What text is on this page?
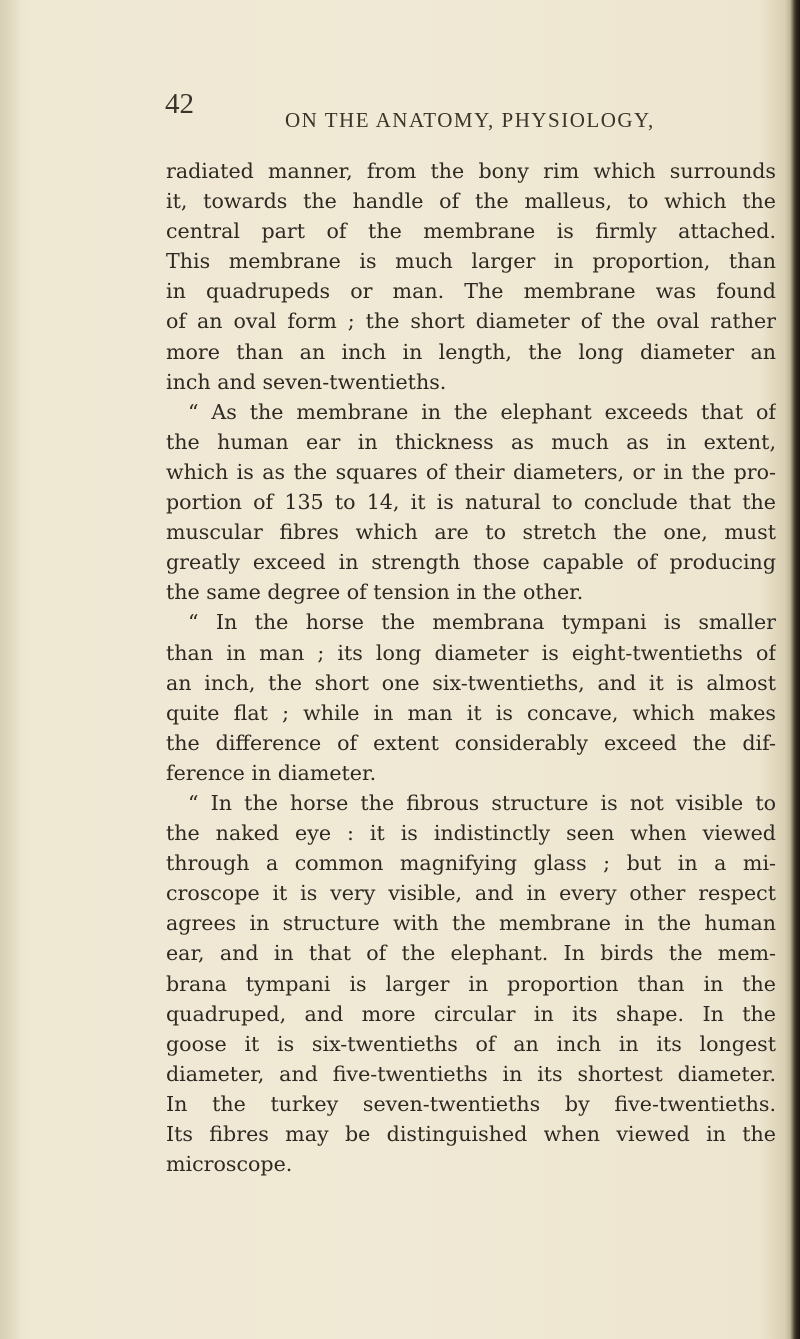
42	ON THE ANATOMY, PHYSIOLOGY,
radiated manner, from the bony rim which surrounds
it, towards the handle of the malleus, to which the
central part of the membrane is firmly attached.
This membrane is much larger in proportion, than
in quadrupeds or man. The membrane was found
of an oval form ; the short diameter of the oval rather
more than an inch in length, the long diameter an
inch and seven-twentieths.
“ As the membrane in the elephant exceeds that of
the human ear in thickness as much as in extent,
which is as the squares of their diameters, or in the pro-
portion of 135 to 14, it is natural to conclude that the
muscular fibres which are to stretch the one, must
greatly exceed in strength those capable of producing
the same degree of tension in the other.
“ In the horse the membrana tympani is smaller
than in man ; its long diameter is eight-twentieths of
an inch, the short one six-twentieths, and it is almost
quite flat ; while in man it is concave, which makes
the difference of extent considerably exceed the dif-
ference in diameter.
“ In the horse the fibrous structure is not visible to
the naked eye : it is indistinctly seen when viewed
through a common magnifying glass ; but in a mi-
croscope it is very visible, and in every other respect
agrees in structure with the membrane in the human
ear, and in that of the elephant. In birds the mem-
brana tympani is larger in proportion than in the
quadruped, and more circular in its shape. In the
goose it is six-twentieths of an inch in its longest
diameter, and five-twentieths in its shortest diameter.
In the turkey seven-twentieths by five-twentieths.
Its fibres may be distinguished when viewed in the
microscope.
